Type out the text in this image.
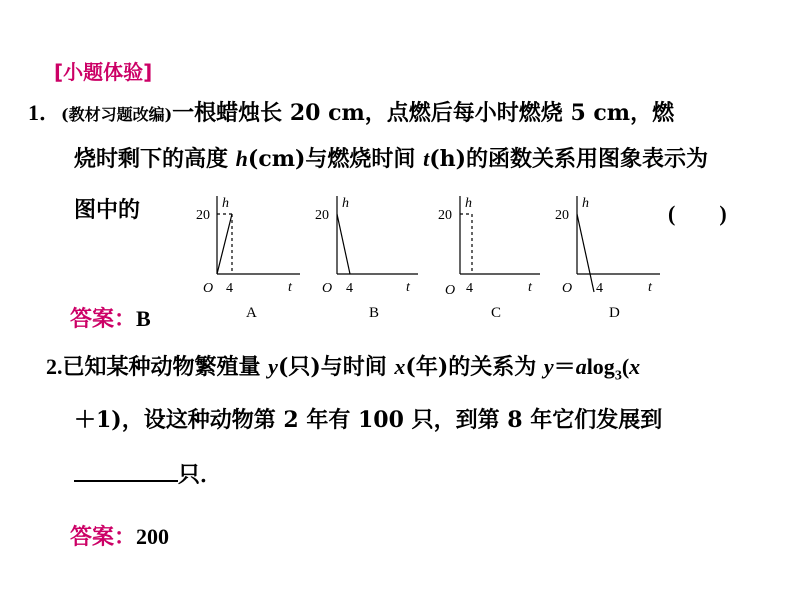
[小题体验]
1．(教材习题改编)一根蜡烛长 20 cm，点燃后每小时燃烧 5 cm，燃
烧时剩下的高度 h(cm)与燃烧时间 t(h)的函数关系用图象表示为
图中的	(　　)
20
h
t
O 4
A
20
h
t
O 4
B
20
h
t
O 4
C
20
h
t
O 4
D
答案：B
2.已知某种动物繁殖量 y(只)与时间 x(年)的关系为 y＝alog$_3$(x
＋1)，设这种动物第 2 年有 100 只，到第 8 年它们发展到
只．
答案：200
